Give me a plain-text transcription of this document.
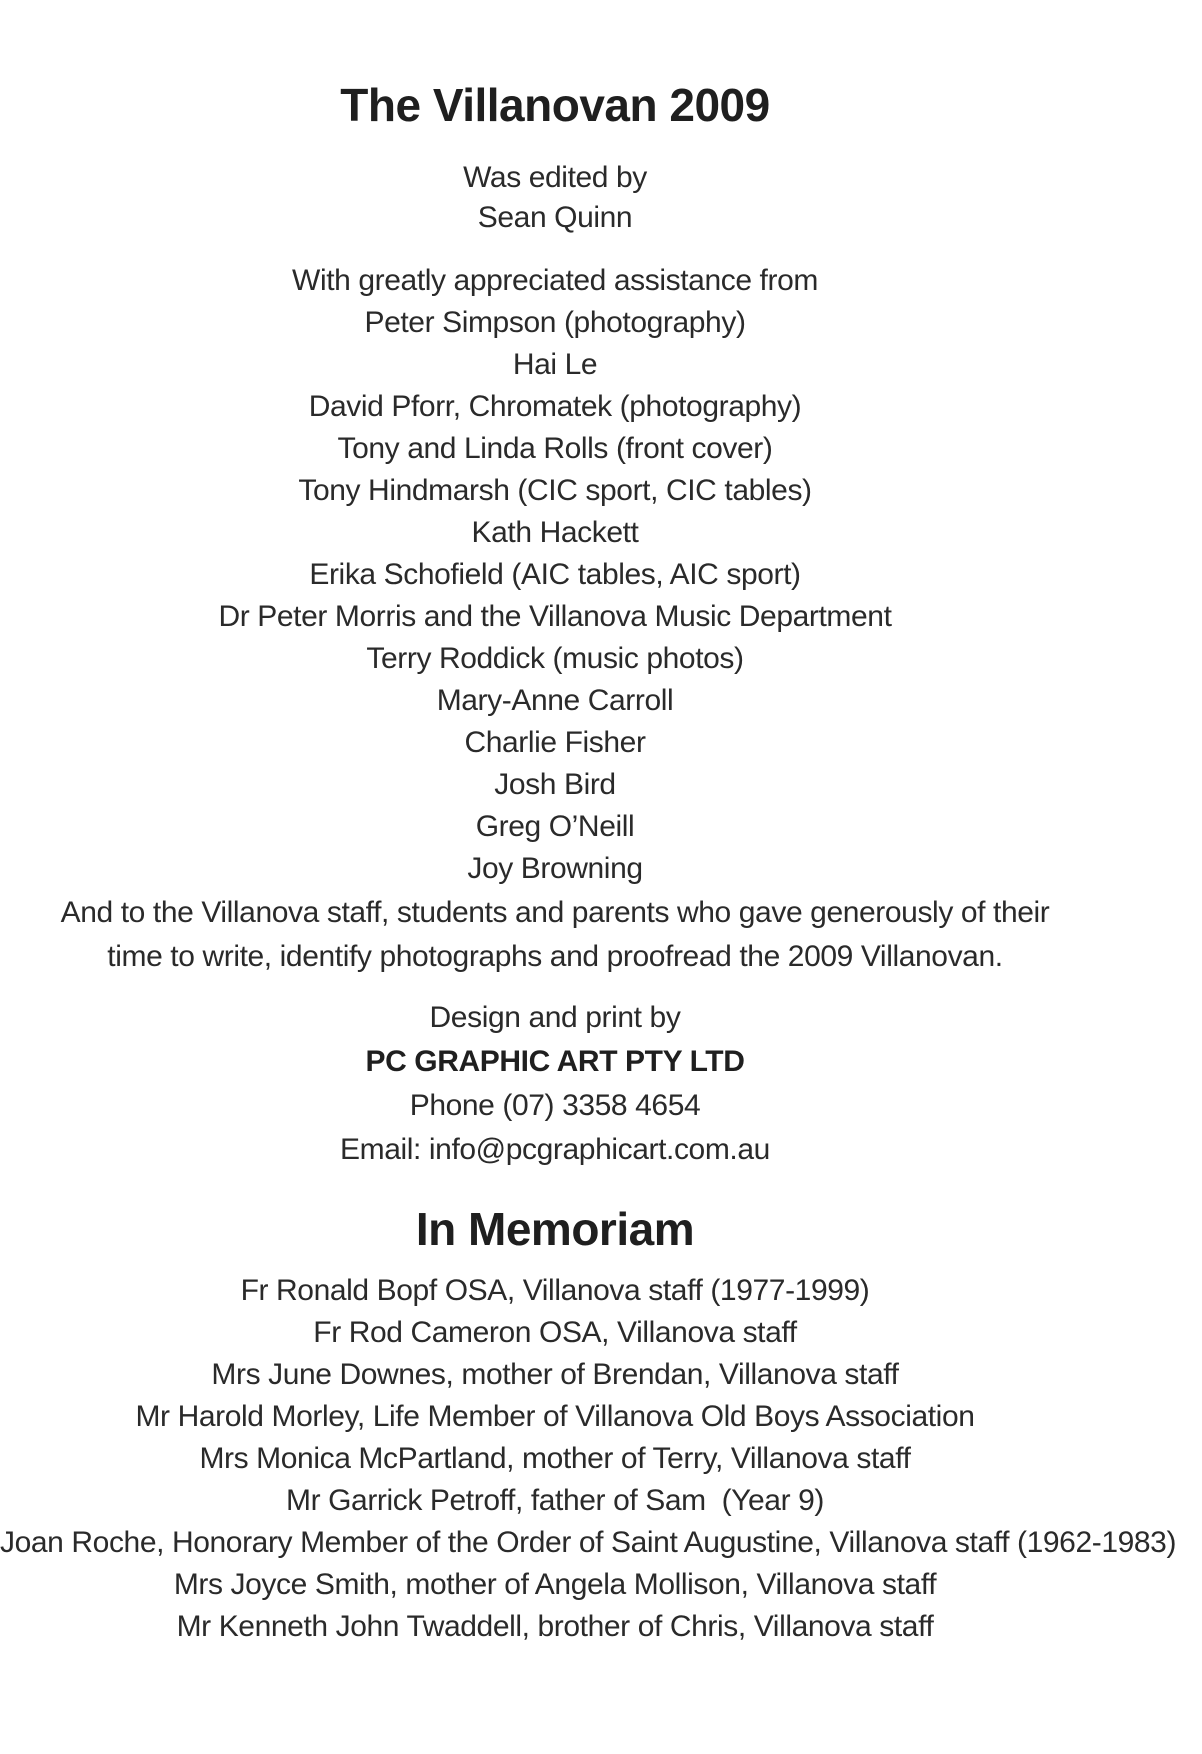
The Villanovan 2009
Was edited by
Sean Quinn
With greatly appreciated assistance from
Peter Simpson (photography)
Hai Le
David Pforr, Chromatek (photography)
Tony and Linda Rolls (front cover)
Tony Hindmarsh (CIC sport, CIC tables)
Kath Hackett
Erika Schofield (AIC tables, AIC sport)
Dr Peter Morris and the Villanova Music Department
Terry Roddick (music photos)
Mary-Anne Carroll
Charlie Fisher
Josh Bird
Greg O’Neill
Joy Browning
And to the Villanova staff, students and parents who gave generously of their
time to write, identify photographs and proofread the 2009 Villanovan.
Design and print by
PC GRAPHIC ART PTY LTD
Phone (07) 3358 4654
Email: info@pcgraphicart.com.au
In Memoriam
Fr Ronald Bopf OSA, Villanova staff (1977-1999)
Fr Rod Cameron OSA, Villanova staff
Mrs June Downes, mother of Brendan, Villanova staff
Mr Harold Morley, Life Member of Villanova Old Boys Association
Mrs Monica McPartland, mother of Terry, Villanova staff
Mr Garrick Petroff, father of Sam  (Year 9)
Joan Roche, Honorary Member of the Order of Saint Augustine, Villanova staff (1962-1983)
Mrs Joyce Smith, mother of Angela Mollison, Villanova staff
Mr Kenneth John Twaddell, brother of Chris, Villanova staff
